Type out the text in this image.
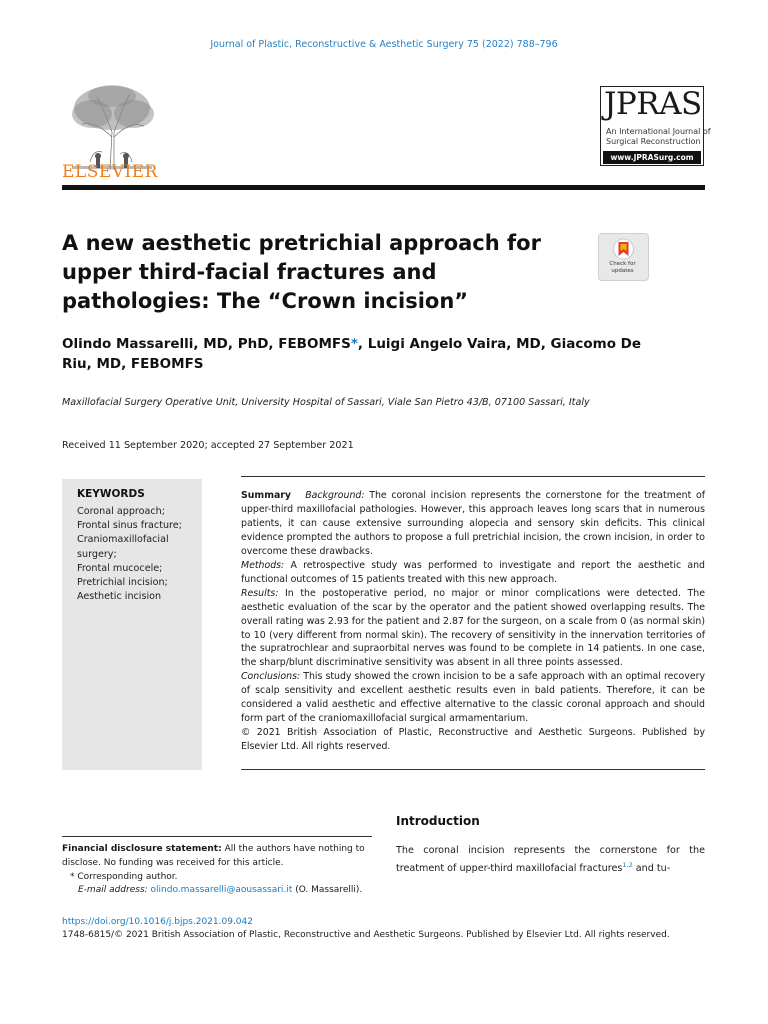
Journal of Plastic, Reconstructive & Aesthetic Surgery 75 (2022) 788–796
ELSEVIER
JPRAS
An International Journal of
Surgical Reconstruction
www.JPRASurg.com
A new aesthetic pretrichial approach for upper third-facial fractures and pathologies: The “Crown incision”
Check for
updates
Olindo Massarelli, MD, PhD, FEBOMFS*, Luigi Angelo Vaira, MD, Giacomo De Riu, MD, FEBOMFS
Maxillofacial Surgery Operative Unit, University Hospital of Sassari, Viale San Pietro 43/B, 07100 Sassari, Italy
Received 11 September 2020; accepted 27 September 2021
KEYWORDS
Coronal approach;
Frontal sinus fracture;
Craniomaxillofacial surgery;
Frontal mucocele;
Pretrichial incision;
Aesthetic incision

Summary Background: The coronal incision represents the cornerstone for the treatment of upper-third maxillofacial pathologies. However, this approach leaves long scars that in numerous patients, it can cause extensive surrounding alopecia and sensory skin deficits. This clinical evidence prompted the authors to propose a full pretrichial incision, the crown incision, in order to overcome these drawbacks.

Methods: A retrospective study was performed to investigate and report the aesthetic and functional outcomes of 15 patients treated with this new approach.

Results: In the postoperative period, no major or minor complications were detected. The aesthetic evaluation of the scar by the operator and the patient showed overlapping results. The overall rating was 2.93 for the patient and 2.87 for the surgeon, on a scale from 0 (as normal skin) to 10 (very different from normal skin). The recovery of sensitivity in the innervation territories of the supratrochlear and supraorbital nerves was found to be complete in 14 patients. In one case, the sharp/blunt discriminative sensitivity was absent in all three points assessed.

Conclusions: This study showed the crown incision to be a safe approach with an optimal recovery of scalp sensitivity and excellent aesthetic results even in bald patients. Therefore, it can be considered a valid aesthetic and effective alternative to the classic coronal approach and should form part of the craniomaxillofacial surgical armamentarium.

© 2021 British Association of Plastic, Reconstructive and Aesthetic Surgeons. Published by Elsevier Ltd. All rights reserved.

Introduction
The coronal incision represents the cornerstone for the treatment of upper-third maxillofacial fractures$^{1,2}$ and tu-
Financial disclosure statement: All the authors have nothing to disclose. No funding was received for this article.
* Corresponding author.
E-mail address: olindo.massarelli@aousassari.it (O. Massarelli).
https://doi.org/10.1016/j.bjps.2021.09.042
1748-6815/© 2021 British Association of Plastic, Reconstructive and Aesthetic Surgeons. Published by Elsevier Ltd. All rights reserved.
